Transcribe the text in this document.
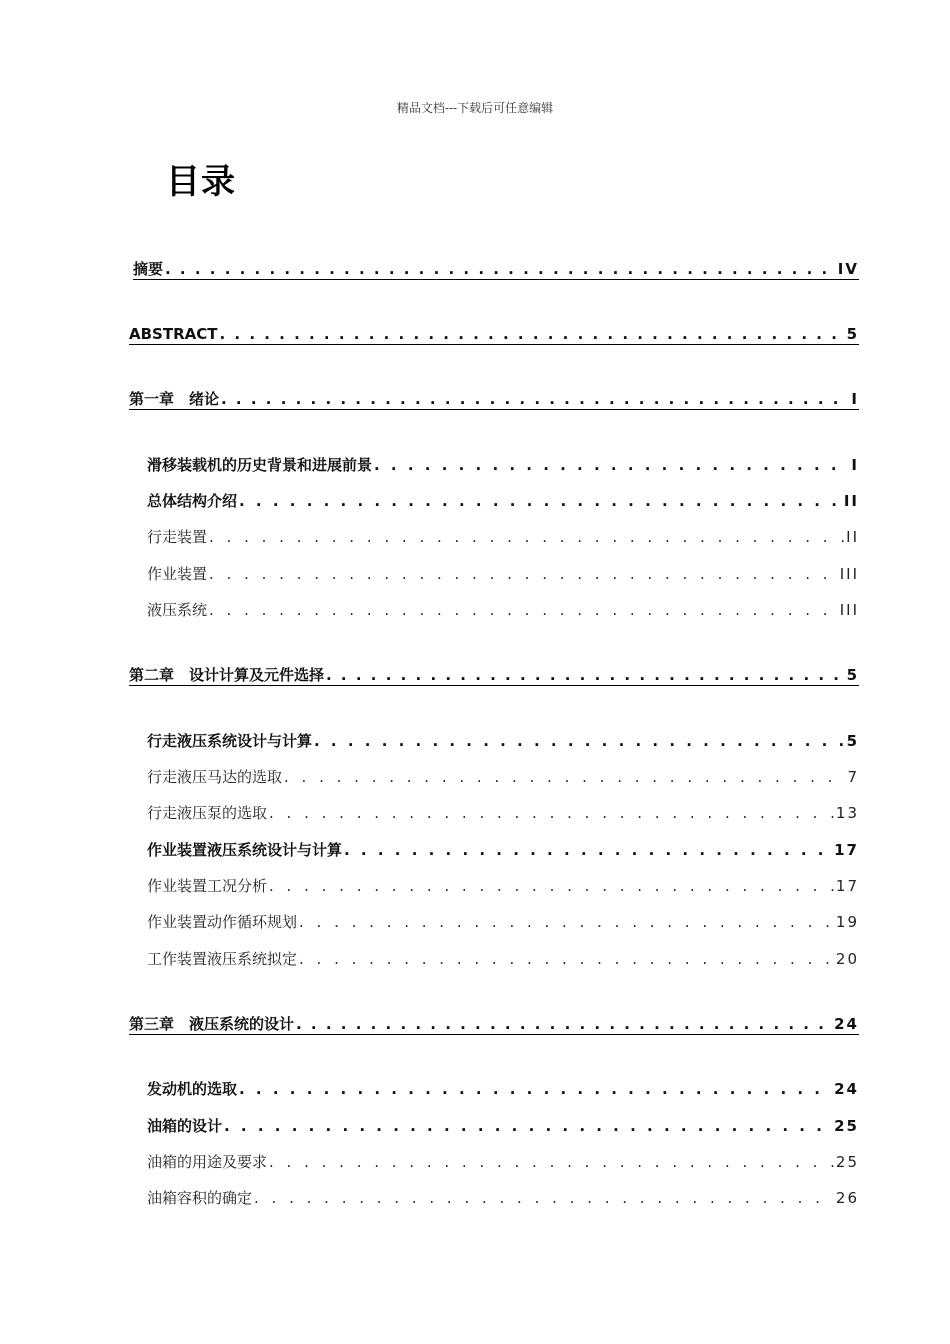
精品文档---下载后可任意编辑
目录
摘要 . . .	IV
ABSTRACT . . .	5
第一章　绪论 . . .	I
滑移装载机的历史背景和进展前景 . . .	I
总体结构介绍 . . .	II
行走装置 . . .	II
作业装置 . . .	III
液压系统 . . .	III
第二章　设计计算及元件选择 . . .	5
行走液压系统设计与计算 . . .	5
行走液压马达的选取 . . .	7
行走液压泵的选取 . . .	13
作业装置液压系统设计与计算 . . .	17
作业装置工况分析 . . .	17
作业装置动作循环规划 . . .	19
工作装置液压系统拟定 . . .	20
第三章　液压系统的设计 . . .	24
发动机的选取 . . .	24
油箱的设计 . . .	25
油箱的用途及要求 . . .	25
油箱容积的确定 . . .	26
